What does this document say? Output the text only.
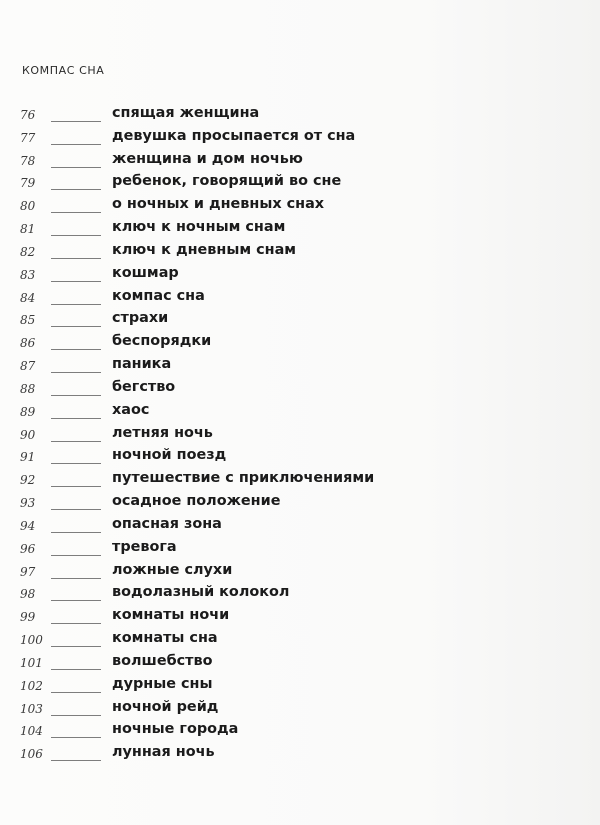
КОМПАС СНА
76	спящая женщина
77	девушка просыпается от сна
78	женщина и дом ночью
79	ребенок, говорящий во сне
80	о ночных и дневных снах
81	ключ к ночным снам
82	ключ к дневным снам
83	кошмар
84	компас сна
85	страхи
86	беспорядки
87	паника
88	бегство
89	хаос
90	летняя ночь
91	ночной поезд
92	путешествие с приключениями
93	осадное положение
94	опасная зона
96	тревога
97	ложные слухи
98	водолазный колокол
99	комнаты ночи
100	комнаты сна
101	волшебство
102	дурные сны
103	ночной рейд
104	ночные города
106	лунная ночь
